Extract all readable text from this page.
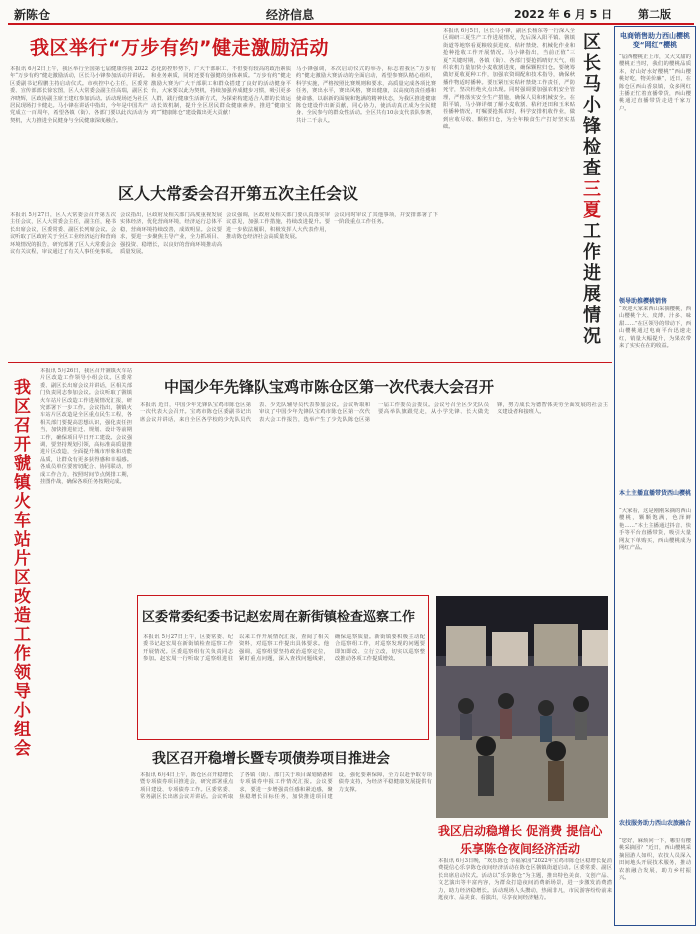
新陈仓	经济信息	2022 年 6 月 5 日 第二版
我区举行“万步有约”健走激励活动
本报讯 6月2日上午，我区举行全国第七届健康你我 2022 年“万步有约”健走激励活动，区长马小锋参加活动并讲话。区委副书记程鹏主持启动仪式。市疾控中心主任，区委常委、宣传部部长徐宏图，区人大常委会副主任高瑞，副区长齐晓辉，区政协副主席王建红参加活动。活动现场还为社区居民现场打卡健走。马小锋在讲话中指出，今年是中国共产党成立一百周年，希望各镇（街）、各部门要以此次活动为契机，大力推进全民健身与全民健康深度融合。
态化防控形势下，广大干部职工、不但要有较高的政治素质和业务素质，同时还要有强健的身体素质。“万步有约”健走激励大赛为广大干部职工和群众搭建了良好的活动健身平台，大家要以此为契机，持续加强养成健步习惯，吸引更多人群，践行健康生活新方式，为探索构建适合人群的长效运动长效机制，提升全区居民群众健康素养，推进“健康宝鸡”“健康陈仓”建设做出更大贡献！
马小锋强调，本次启动仪式的举办，标志着我区“万步有约”健走激励大赛活动的全面启动，希望参赛队精心组织，科学实施，严格按照比赛规则和要求，高质量完成各项比赛任务，赛出水平，赛出风格，赛出健康，以高度的责任感和使命感，以崭新的面貌和饱满的精神状态，为我区推进健康陈仓建设作出新贡献，同心协力，使活动真正成为全民健身、全民参与的群众性活动。全区共有10余支代表队参赛，共计二千余人。
本报讯 6月5日，区长马小锋，副区长杨东等一行深入全区调研三夏生产工作进展情况，先后深入阳平镇、虢镇街道等地察看夏粮收获进度、秸秆禁烧、机械化作业和抢种抢收工作开展情况。马小锋指出，当前正值“三夏”关键时期，各镇（街）、各部门要抢抓晴好天气，组织农机力量加快小麦收割进度，确保颗粒归仓。要统筹做好夏收夏种工作，加强农资调配和技术指导，确保秋播作物适时播种。要压紧压实秸秆禁烧工作责任，严防死守，坚决杜绝火点出现。同时强调要加强农机安全管理，严格落实安全生产措施，确保人员和机械安全。在阳平镇，马小锋详细了解小麦收割、秸秆还田和玉米贴茬播种情况，叮嘱要抢抓农时，科学安排机收作业，做到应收尽收、颗粒归仓，为全年粮食生产打好坚实基础。	区长马小锋检查三夏工作进展情况
区人大常委会召开第五次主任会议
本报讯 5月27日，区人大常委会召开第五次主任会议，区人大常委会主任，副主任，秘书长出席会议，区委常委、副区长列席会议。会议听取了区政府关于全区工业经济运行和营商环境情况的报告，研究部署了区人大常委会会议有关议程，审议通过了有关人事任免事项。
会议指出，区政府及相关部门高度重视发展实体经济，优化营商环境，经济运行总体平稳，营商环境持续改善，成效明显。会议要求，要进一步聚焦主导产业，全力抓项目、强投资、稳增长，以良好的营商环境推动高质量发展。
会议强调，区政府及相关部门要认真落实审议意见，加强工作措施，持续改进提升。要进一步依法履职，积极发挥人大代表作用，推动陈仓经济社会高质量发展。
会议同时审议了其他事项，并安排部署了下一阶段重点工作任务。
我区召开虢镇火车站片区改造工作领导小组会
本报讯 5月26日，我区召开虢镇火车站片区改造工作领导小组会议。区委常委、副区长出席会议并讲话，区相关部门负责同志参加会议。会议听取了虢镇火车站片区改造工作进展情况汇报，研究部署下一步工作。会议指出，虢镇火车站片区改造是全区重点民生工程，各相关部门要提高思想认识，强化责任担当，加快推进征迁、规划、设计等前期工作，确保项目早日开工建设。会议强调，要坚持规划引领，高标准高质量推进片区改造，全面提升城市形象和功能品质，让群众有更多获得感和幸福感。各成员单位要密切配合、协同联动，形成工作合力，按照时间节点倒排工期，挂图作战，确保各项任务按期完成。
中国少年先锋队宝鸡市陈仓区第一次代表大会召开
本报讯 近日，中国少年先锋队宝鸡市陈仓区第一次代表大会召开。宝鸡市陈仓区委副书记出席会议并讲话，来自全区各学校的少先队员代表、少先队辅导员代表参加会议。会议听取和审议了中国少年先锋队宝鸡市陈仓区第一次代表大会工作报告，选举产生了少先队陈仓区第一届工作委员会委员。会议号召全区少先队员要高举队旗跟党走，从小学先锋、长大做先锋，努力成长为德智体美劳全面发展的社会主义建设者和接班人。
区委常委纪委书记赵宏周在新街镇检查巡察工作
本报讯 5月27日上午，区委常委、纪委书记赵宏周在新街镇检查巡察工作开展情况。区委巡察组有关负责同志参加。赵宏周一行听取了巡察组进驻以来工作开展情况汇报，查阅了相关资料，对巡察工作提出具体要求。他强调，巡察组要坚持政治巡察定位，紧盯重点问题，深入查找问题线索，确保巡察质量。新街镇要积极主动配合巡察组工作，对巡察发现的问题要即知即改、立行立改，切实以巡察整改推动各项工作提质增效。
我区召开稳增长暨专项债券项目推进会
本报讯 6月4日上午，陈仓区召开稳增长暨专项债券项目推进会，研究部署重点项目建设、专项债券工作。区委常委、常务副区长出席会议并讲话。会议听取了各镇（街）、部门关于项目谋划储备和专项债券申报工作情况汇报。会议要求，要进一步增强责任感和紧迫感，聚焦稳增长目标任务，加快推进项目建设，强化要素保障，全力以赴争取专项债券支持，为经济平稳健康发展提供有力支撑。
我区启动稳增长 促消费 提信心
乐享陈仓夜间经济活动
本报讯 6月3日晚，“欢乐陈仓 幸福家园”2022年宝鸡市陈仓区稳增长促消费提信心乐享陈仓夜间经济活动在陈仓区虢镇街道启动。区委常委、副区长出席启动仪式。活动以“乐享陈仓”为主题，推出特色美食、文创产品、文艺演出等丰富内容，为群众打造夜间消费新场景，进一步激发消费潜力，助力经济稳增长。活动现场人头攒动，热闹非凡，市民游客纷纷前来逛夜市、品美食、看演出，尽享夜间经济魅力。
电商销售助力西山樱桃变“网红”樱桃
“届西樱桃正上市，又大又甜的樱桃正当时，我们的樱桃品质本，好山好水好樱桃”“西山樱桃好吃，物美价廉”，近日，在陈仓区西山香泉镇，众多网红主播正忙着直播带货，西山樱桃通过直播带货走进千家万户。
领导助推樱桃销售
“欢迎大家来西山采摘樱桃，西山樱桃个大、皮薄、汁多、味甜……”在区领导的带动下，西山樱桃通过电商平台迅速走红，销量大幅提升，为果农带来了实实在在的收益。
本土主播直播带货西山樱桃
“大家看，这是刚刚采摘的西山樱桃，颗颗饱满，色泽鲜艳……”本土主播通过抖音、快手等平台直播带货，吸引大量网友下单购买，西山樱桃成为网红产品。
农技服务助力西山农旅融合
“您好，麻烦问一下，哪里有樱桃采摘园？”近日，西山樱桃采摘园游人如织，农技人员深入田间地头开展技术服务，推动农旅融合发展，助力乡村振兴。
